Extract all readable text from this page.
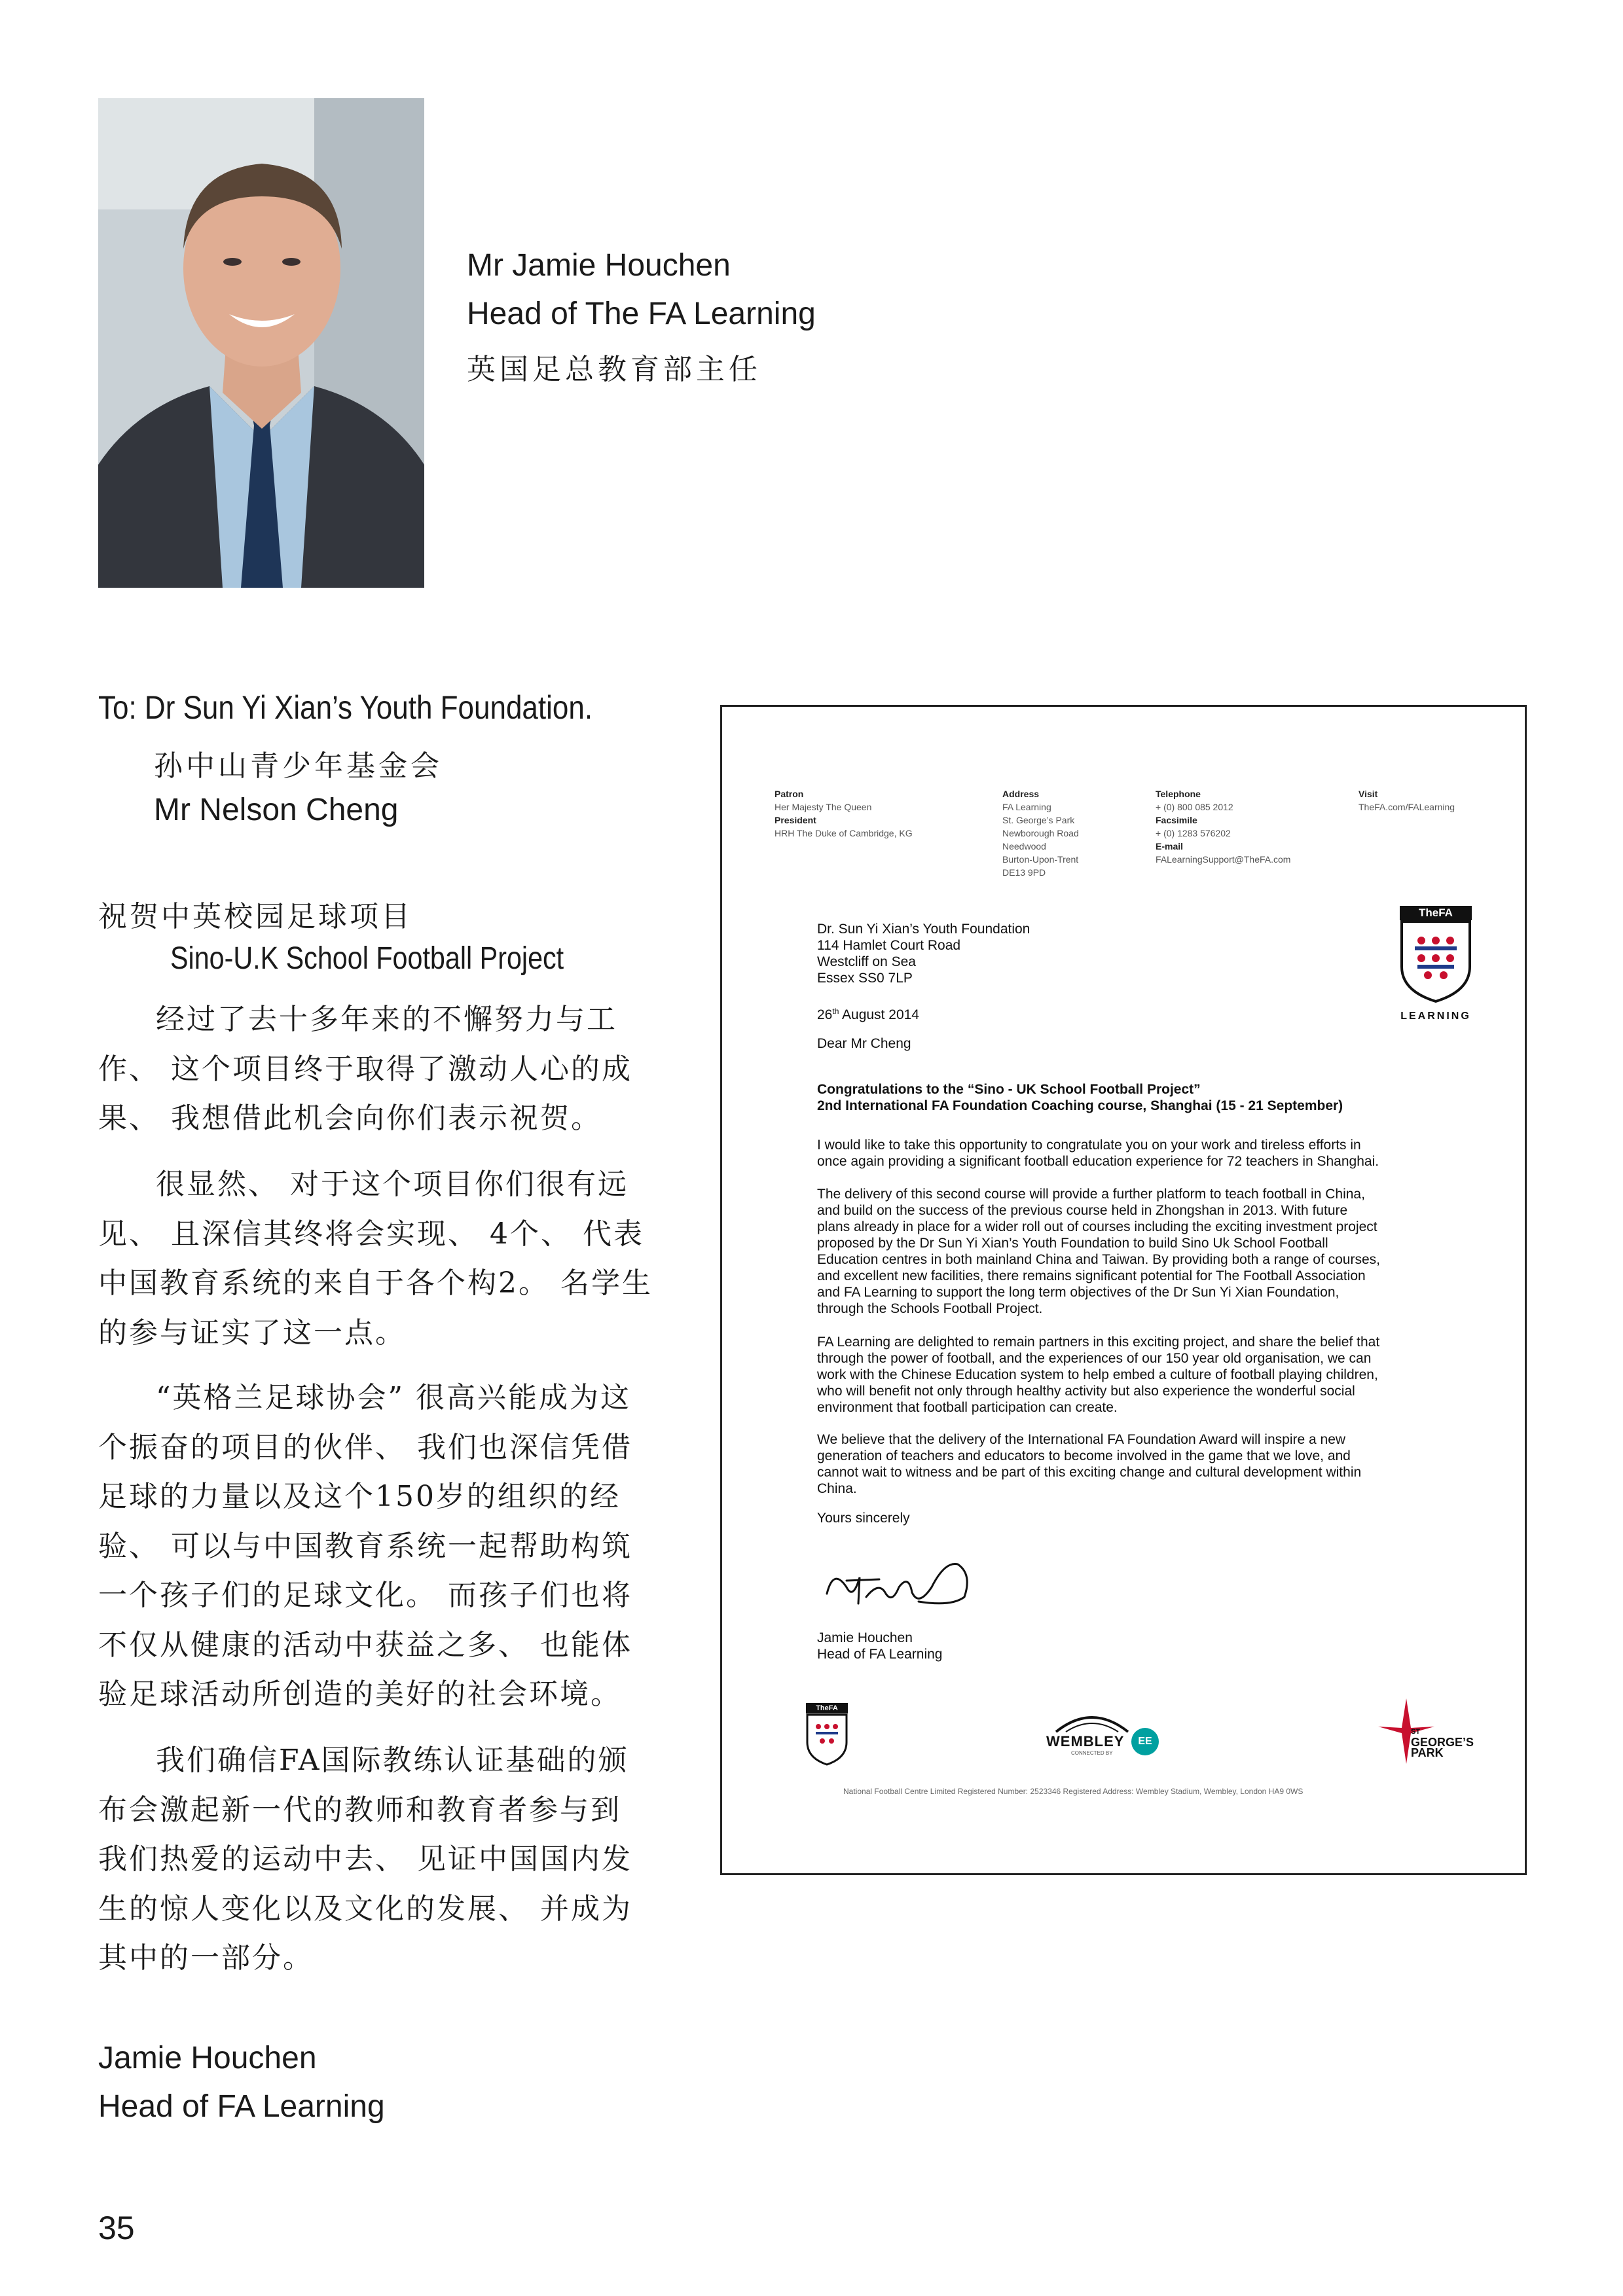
Mr Jamie Houchen
Head of The FA Learning
英国足总教育部主任
To: Dr Sun Yi Xian’s Youth Foundation.
孙中山青少年基金会
Mr Nelson Cheng
祝贺中英校园足球项目
Sino-U.K School Football Project
经过了去十多年来的不懈努力与工
作、 这个项目终于取得了激动人心的成
果、 我想借此机会向你们表示祝贺。
很显然、 对于这个项目你们很有远
见、 且深信其终将会实现、 4个、 代表
中国教育系统的来自于各个构2。 名学生
的参与证实了这一点。
“英格兰足球协会” 很高兴能成为这
个振奋的项目的伙伴、 我们也深信凭借
足球的力量以及这个150岁的组织的经
验、 可以与中国教育系统一起帮助构筑
一个孩子们的足球文化。 而孩子们也将
不仅从健康的活动中获益之多、 也能体
验足球活动所创造的美好的社会环境。
我们确信FA国际教练认证基础的颁
布会激起新一代的教师和教育者参与到
我们热爱的运动中去、 见证中国国内发
生的惊人变化以及文化的发展、 并成为
其中的一部分。
Jamie Houchen
Head of FA Learning
35
Patron
Her Majesty The Queen
President
HRH The Duke of Cambridge, KG
Address
FA Learning
St. George’s Park
Newborough Road
Needwood
Burton-Upon-Trent
DE13 9PD
Telephone
+ (0) 800 085 2012
Facsimile
+ (0) 1283 576202
E-mail
FALearningSupport@TheFA.com
Visit
TheFA.com/FALearning
TheFA
LEARNING
Dr. Sun Yi Xian’s Youth Foundation
114 Hamlet Court Road
Westcliff on Sea
Essex SS0 7LP
26th August 2014
Dear Mr Cheng
Congratulations to the “Sino - UK School Football Project”
2nd International FA Foundation Coaching course, Shanghai (15 - 21 September)
I would like to take this opportunity to congratulate you on your work and tireless efforts in
once again providing a significant football education experience for 72 teachers in Shanghai.
The delivery of this second course will provide a further platform to teach football in China,
and build on the success of the previous course held in Zhongshan in 2013. With future
plans already in place for a wider roll out of courses including the exciting investment project
proposed by the Dr Sun Yi Xian’s Youth Foundation to build Sino Uk School Football
Education centres in both mainland China and Taiwan. By providing both a range of courses,
and excellent new facilities, there remains significant potential for The Football Association
and FA Learning to support the long term objectives of the Dr Sun Yi Xian Foundation,
through the Schools Football Project.
FA Learning are delighted to remain partners in this exciting project, and share the belief that
through the power of football, and the experiences of our 150 year old organisation, we can
work with the Chinese Education system to help embed a culture of football playing children,
who will benefit not only through healthy activity but also experience the wonderful social
environment that football participation can create.
We believe that the delivery of the International FA Foundation Award will inspire a new
generation of teachers and educators to become involved in the game that we love, and
cannot wait to witness and be part of this exciting change and cultural development within
China.
Yours sincerely
Jamie Houchen
Head of FA Learning
TheFA
WEMBLEY
CONNECTED BY
EE
ST
GEORGE’S
PARK
National Football Centre Limited Registered Number: 2523346 Registered Address: Wembley Stadium, Wembley, London HA9 0WS
